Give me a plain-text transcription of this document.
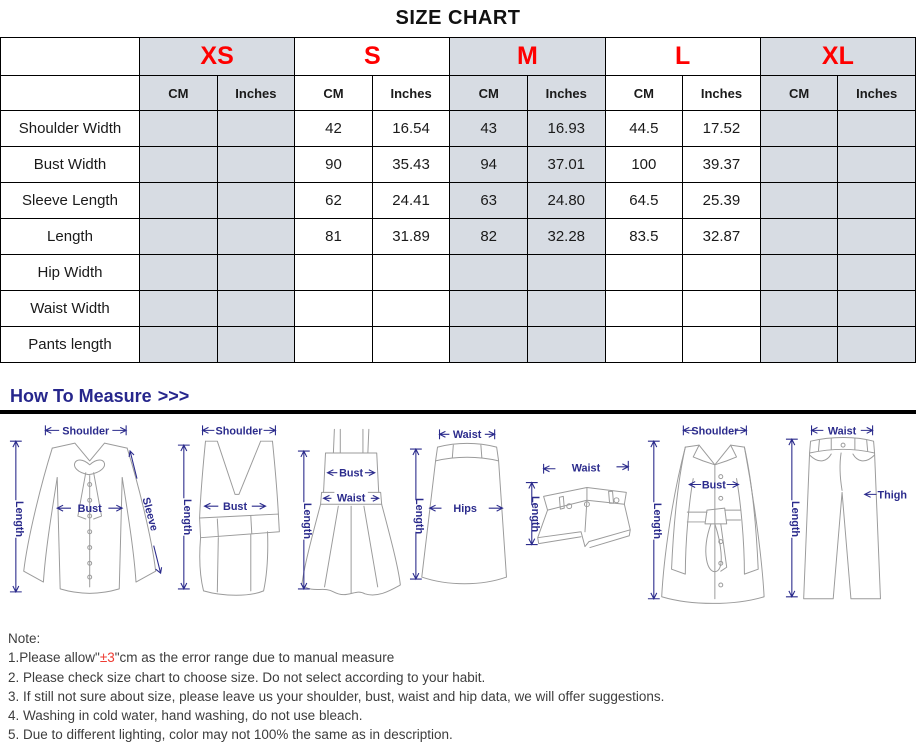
SIZE CHART
	XS		S		M		L		XL	
	CM	Inches	CM	Inches	CM	Inches	CM	Inches	CM	Inches
Shoulder Width			42	16.54	43	16.93	44.5	17.52		
Bust Width			90	35.43	94	37.01	100	39.37		
Sleeve Length			62	24.41	63	24.80	64.5	25.39		
Length			81	31.89	82	32.28	83.5	32.87		
Hip Width										
Waist Width										
Pants length										
How To Measure >>>
Shoulder
Bust
Length	Sleeve
Shoulder
Bust
Length
Bust
Waist
Length
Waist
Hips
Length
Waist
Length
Shoulder
Bust
Length
Waist
Thigh
Length
Note:
1.Please allow"±3"cm as the error range due to manual measure
2. Please check size chart to choose size. Do not select according to your habit.
3. If still not sure about size, please leave us your shoulder, bust, waist and hip data, we will offer suggestions.
4. Washing in cold water, hand washing, do not use bleach.
5. Due to different lighting, color may not 100% the same as in description.
